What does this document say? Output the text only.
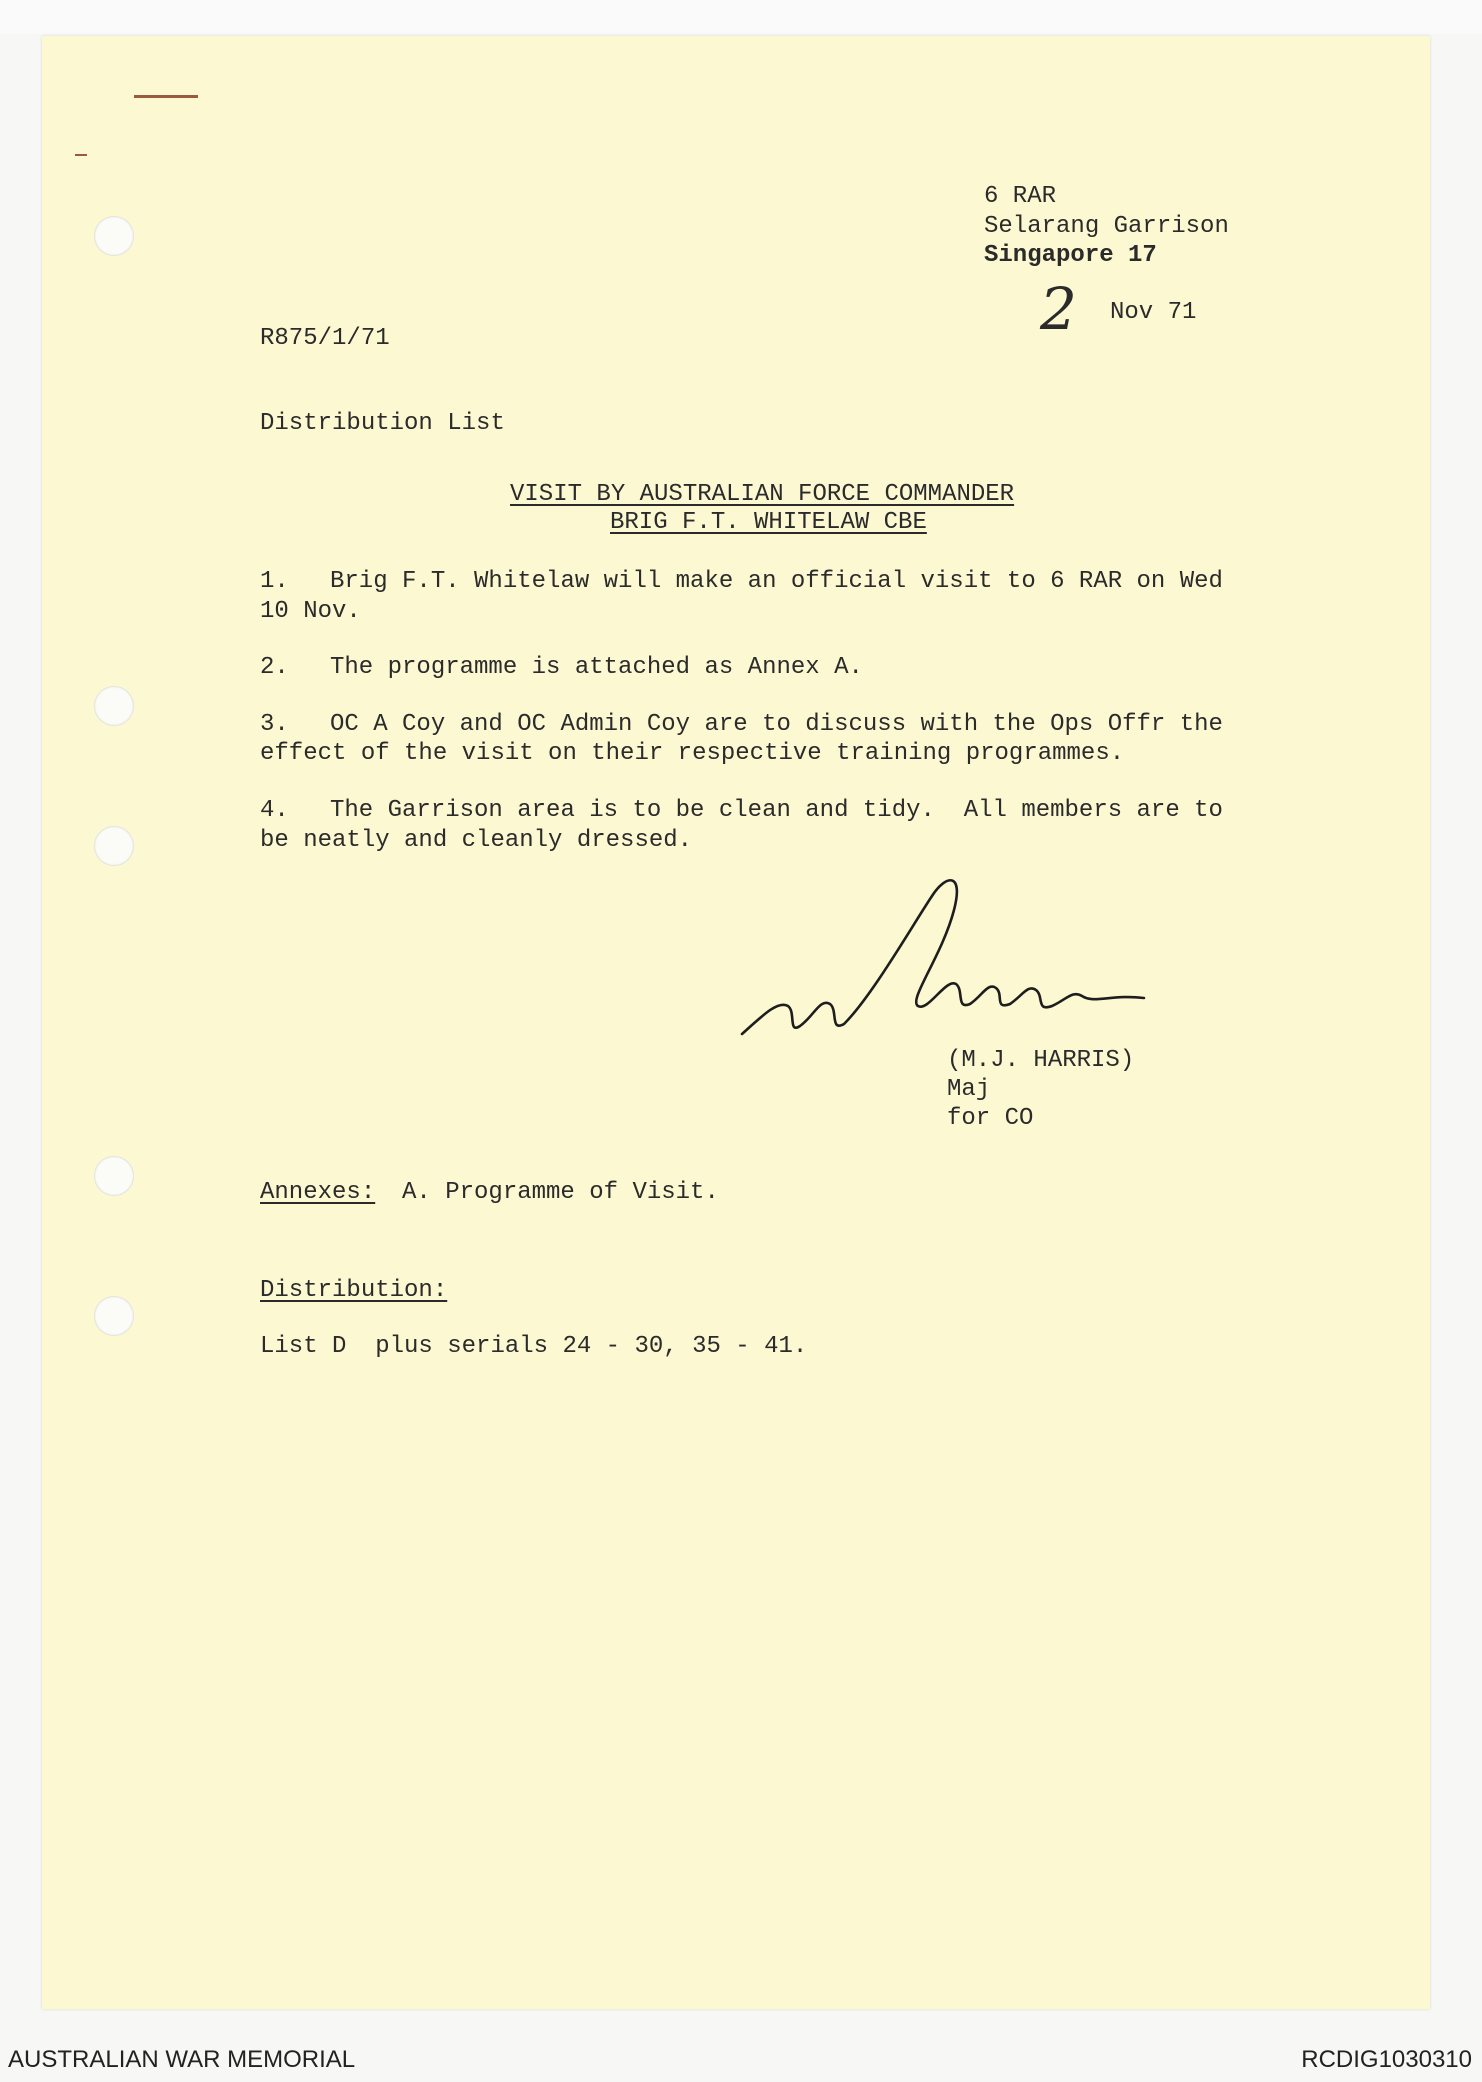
6 RAR
Selarang Garrison
Singapore 17
2 Nov 71
R875/1/71
Distribution List
VISIT BY AUSTRALIAN FORCE COMMANDER
BRIG F.T. WHITELAW CBE
1. Brig F.T. Whitelaw will make an official visit to 6 RAR on Wed
10 Nov.
2. The programme is attached as Annex A.
3. OC A Coy and OC Admin Coy are to discuss with the Ops Offr the
effect of the visit on their respective training programmes.
4. The Garrison area is to be clean and tidy.  All members are to
be neatly and cleanly dressed.
(M.J. HARRIS)
Maj
for CO
Annexes: A. Programme of Visit.
Distribution:
List D  plus serials 24 - 30, 35 - 41.
AUSTRALIAN WAR MEMORIAL	RCDIG1030310
